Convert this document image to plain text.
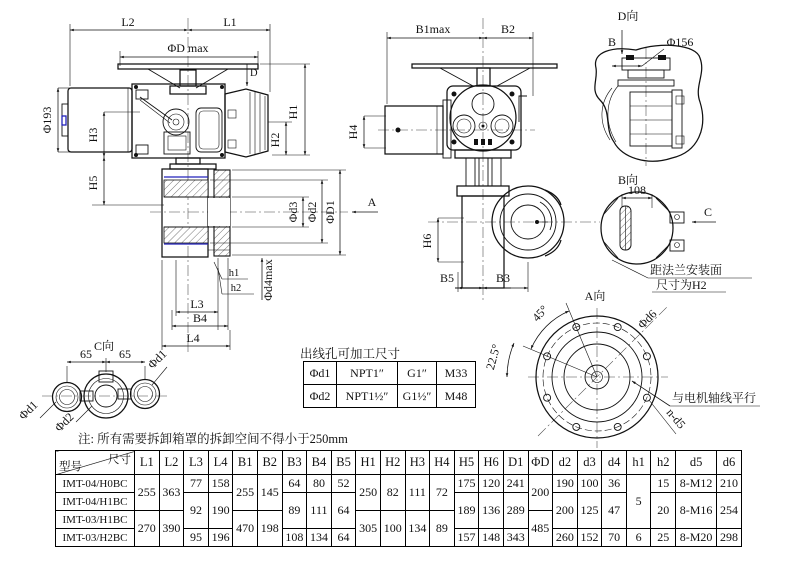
L2	L1
ΦD max
D
Φ193
H3
H5
H1
H2
Φd3 Φd2 ΦD1	A
Φd4max
h1
h2
L3
B4
L4
B1max	B2
H4
H6
B5	B3
D向
B	Φ156
B向
108
C
距法兰安装面
尺寸为H2
A向
45°
22.5°
Φd6
n-d5
与电机轴线平行
C向
65 65 Φd1
Φd1 Φd2
出线孔可加工尺寸
Φd1	NPT1″	G1″	M33
Φd2	NPT1½″	G1½″	M48
注: 所有需要拆卸箱罩的拆卸空间不得小于250mm
尺寸
型号	L1	L2	L3	L4	B1	B2	B3	B4	B5	H1	H2	H3	H4	H5	H6	D1	ΦD	d2	d3	d4	h1	h2	d5	d6
IMT-04/H0BC	255	363	77	158	255	145	64	80	52	250	82	111	72	175	120	241	200	190	100	36	5	15	8-M12	210
IMT-04/H1BC			92	190			89	111	64					189	136	289		200	125	47		20	8-M16	254
IMT-03/H1BC	270	390			470	198				305	100	134	89				485							
IMT-03/H2BC			95	196			108	134	64					157	148	343		260	152	70	6	25	8-M20	298
